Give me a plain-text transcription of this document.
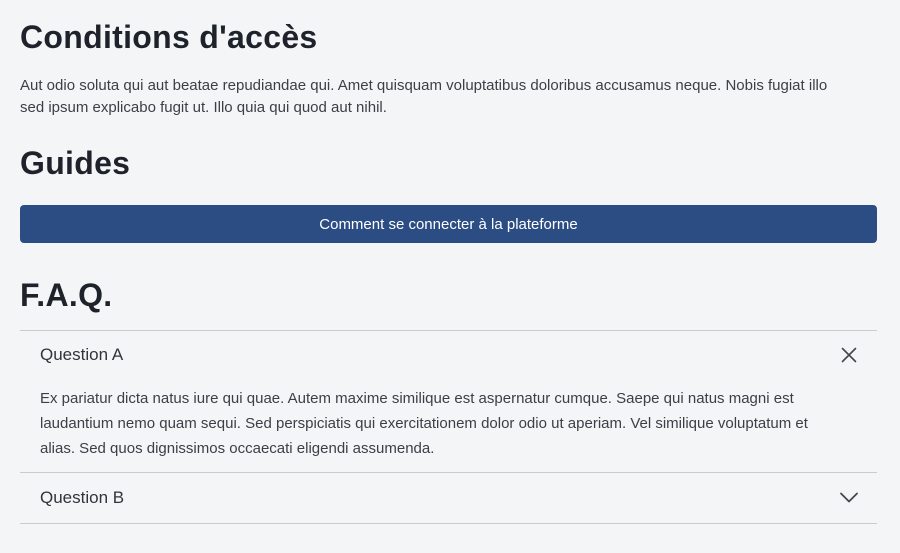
Conditions d'accès

Aut odio soluta qui aut beatae repudiandae qui. Amet quisquam voluptatibus doloribus accusamus neque. Nobis fugiat illo sed ipsum explicabo fugit ut. Illo quia qui quod aut nihil.

Guides
Comment se connecter à la plateforme
F.A.Q.
Question A
Ex pariatur dicta natus iure qui quae. Autem maxime similique est aspernatur cumque. Saepe qui natus magni est laudantium nemo quam sequi. Sed perspiciatis qui exercitationem dolor odio ut aperiam. Vel similique voluptatum et alias. Sed quos dignissimos occaecati eligendi assumenda.
Question B
